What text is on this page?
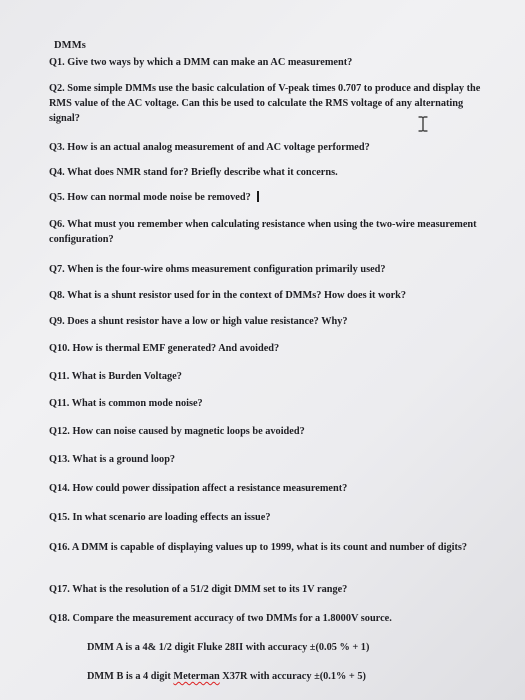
DMMs
Q1. Give two ways by which a DMM can make an AC measurement?
Q2. Some simple DMMs use the basic calculation of V-peak times 0.707 to produce and display the RMS value of the AC voltage. Can this be used to calculate the RMS voltage of any alternating signal?
Q3. How is an actual analog measurement of and AC voltage performed?
Q4. What does NMR stand for? Briefly describe what it concerns.
Q5. How can normal mode noise be removed?
Q6. What must you remember when calculating resistance when using the two-wire measurement configuration?
Q7. When is the four-wire ohms measurement configuration primarily used?
Q8. What is a shunt resistor used for in the context of DMMs? How does it work?
Q9. Does a shunt resistor have a low or high value resistance? Why?
Q10. How is thermal EMF generated? And avoided?
Q11. What is Burden Voltage?
Q11. What is common mode noise?
Q12. How can noise caused by magnetic loops be avoided?
Q13. What is a ground loop?
Q14. How could power dissipation affect a resistance measurement?
Q15. In what scenario are loading effects an issue?
Q16. A DMM is capable of displaying values up to 1999, what is its count and number of digits?
Q17. What is the resolution of a 51/2 digit DMM set to its 1V range?
Q18. Compare the measurement accuracy of two DMMs for a 1.8000V source.
DMM A is a 4& 1/2 digit Fluke 28II with accuracy ±(0.05 % + 1)
DMM B is a 4 digit Meterman X37R with accuracy ±(0.1% + 5)
